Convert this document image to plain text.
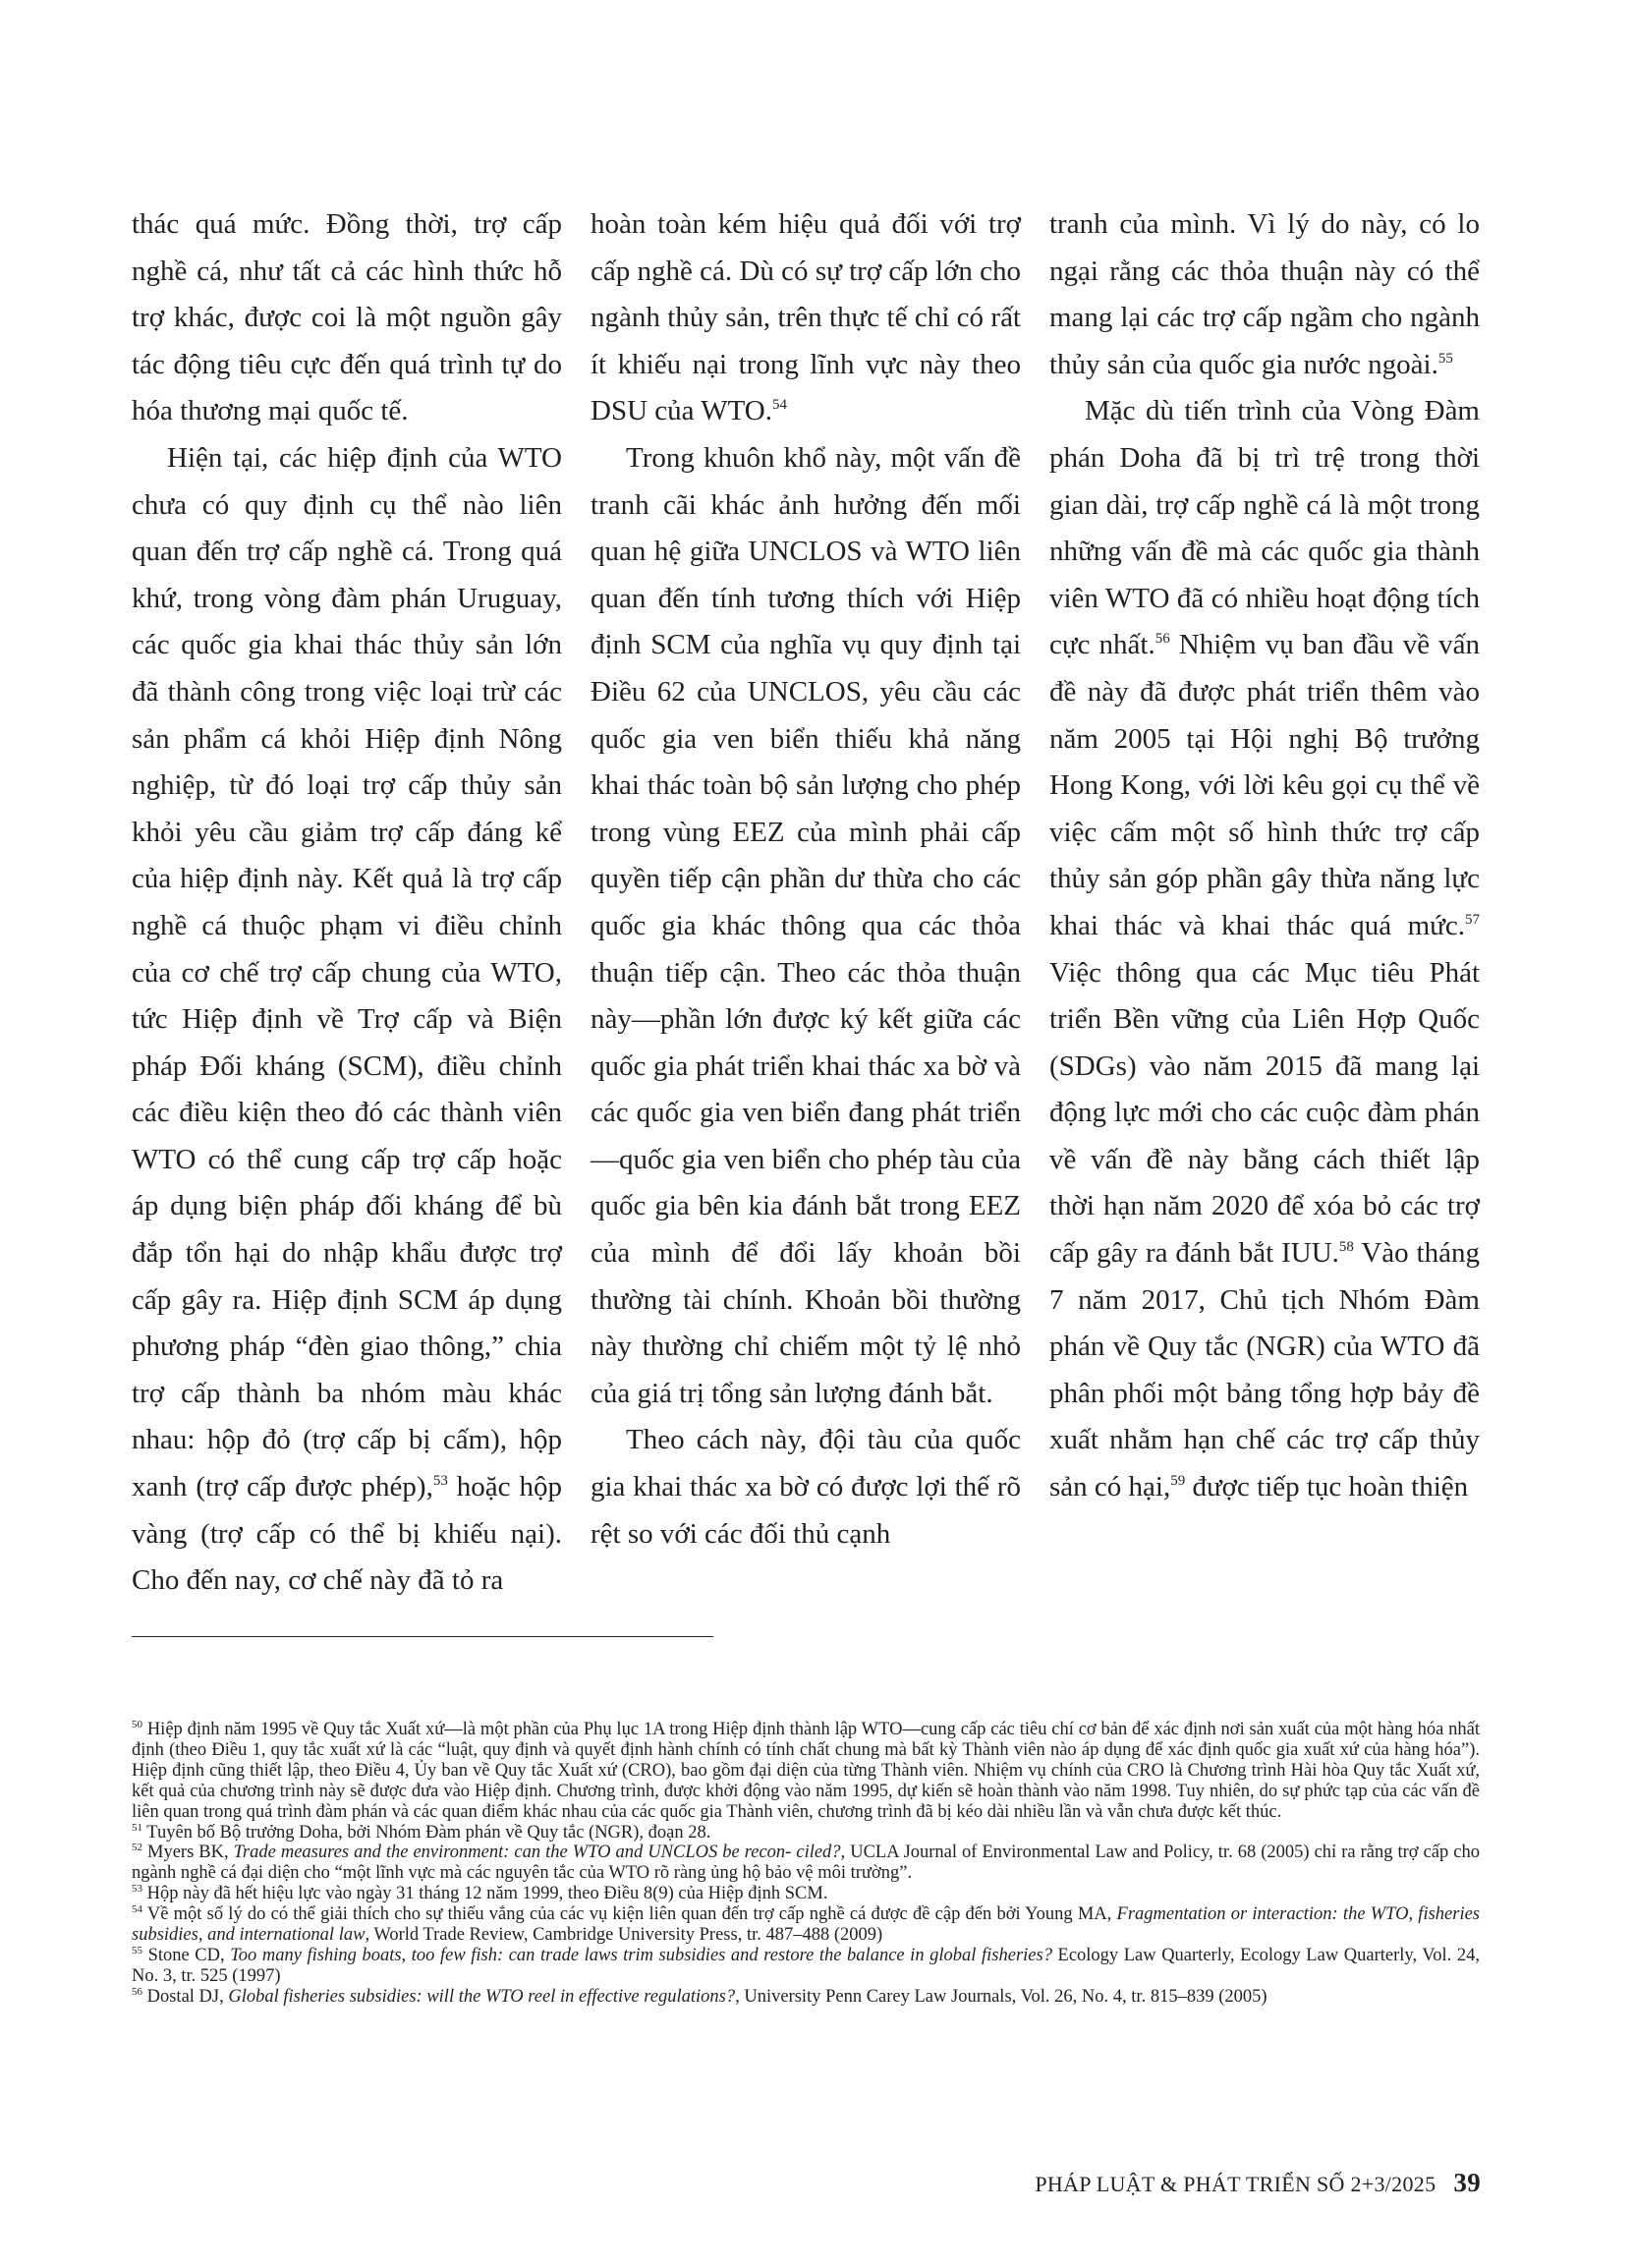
thác quá mức. Đồng thời, trợ cấp nghề cá, như tất cả các hình thức hỗ trợ khác, được coi là một nguồn gây tác động tiêu cực đến quá trình tự do hóa thương mại quốc tế.

Hiện tại, các hiệp định của WTO chưa có quy định cụ thể nào liên quan đến trợ cấp nghề cá. Trong quá khứ, trong vòng đàm phán Uruguay, các quốc gia khai thác thủy sản lớn đã thành công trong việc loại trừ các sản phẩm cá khỏi Hiệp định Nông nghiệp, từ đó loại trợ cấp thủy sản khỏi yêu cầu giảm trợ cấp đáng kể của hiệp định này. Kết quả là trợ cấp nghề cá thuộc phạm vi điều chỉnh của cơ chế trợ cấp chung của WTO, tức Hiệp định về Trợ cấp và Biện pháp Đối kháng (SCM), điều chỉnh các điều kiện theo đó các thành viên WTO có thể cung cấp trợ cấp hoặc áp dụng biện pháp đối kháng để bù đắp tổn hại do nhập khẩu được trợ cấp gây ra. Hiệp định SCM áp dụng phương pháp “đèn giao thông,” chia trợ cấp thành ba nhóm màu khác nhau: hộp đỏ (trợ cấp bị cấm), hộp xanh (trợ cấp được phép),$^{53}$ hoặc hộp vàng (trợ cấp có thể bị khiếu nại). Cho đến nay, cơ chế này đã tỏ ra

hoàn toàn kém hiệu quả đối với trợ cấp nghề cá. Dù có sự trợ cấp lớn cho ngành thủy sản, trên thực tế chỉ có rất ít khiếu nại trong lĩnh vực này theo DSU của WTO.$^{54}$

Trong khuôn khổ này, một vấn đề tranh cãi khác ảnh hưởng đến mối quan hệ giữa UNCLOS và WTO liên quan đến tính tương thích với Hiệp định SCM của nghĩa vụ quy định tại Điều 62 của UNCLOS, yêu cầu các quốc gia ven biển thiếu khả năng khai thác toàn bộ sản lượng cho phép trong vùng EEZ của mình phải cấp quyền tiếp cận phần dư thừa cho các quốc gia khác thông qua các thỏa thuận tiếp cận. Theo các thỏa thuận này—phần lớn được ký kết giữa các quốc gia phát triển khai thác xa bờ và các quốc gia ven biển đang phát triển—quốc gia ven biển cho phép tàu của quốc gia bên kia đánh bắt trong EEZ của mình để đổi lấy khoản bồi thường tài chính. Khoản bồi thường này thường chỉ chiếm một tỷ lệ nhỏ của giá trị tổng sản lượng đánh bắt.

Theo cách này, đội tàu của quốc gia khai thác xa bờ có được lợi thế rõ rệt so với các đối thủ cạnh

tranh của mình. Vì lý do này, có lo ngại rằng các thỏa thuận này có thể mang lại các trợ cấp ngầm cho ngành thủy sản của quốc gia nước ngoài.$^{55}$

Mặc dù tiến trình của Vòng Đàm phán Doha đã bị trì trệ trong thời gian dài, trợ cấp nghề cá là một trong những vấn đề mà các quốc gia thành viên WTO đã có nhiều hoạt động tích cực nhất.$^{56}$ Nhiệm vụ ban đầu về vấn đề này đã được phát triển thêm vào năm 2005 tại Hội nghị Bộ trưởng Hong Kong, với lời kêu gọi cụ thể về việc cấm một số hình thức trợ cấp thủy sản góp phần gây thừa năng lực khai thác và khai thác quá mức.$^{57}$ Việc thông qua các Mục tiêu Phát triển Bền vững của Liên Hợp Quốc (SDGs) vào năm 2015 đã mang lại động lực mới cho các cuộc đàm phán về vấn đề này bằng cách thiết lập thời hạn năm 2020 để xóa bỏ các trợ cấp gây ra đánh bắt IUU.$^{58}$ Vào tháng 7 năm 2017, Chủ tịch Nhóm Đàm phán về Quy tắc (NGR) của WTO đã phân phối một bảng tổng hợp bảy đề xuất nhằm hạn chế các trợ cấp thủy sản có hại,$^{59}$ được tiếp tục hoàn thiện

$^{50}$ Hiệp định năm 1995 về Quy tắc Xuất xứ—là một phần của Phụ lục 1A trong Hiệp định thành lập WTO—cung cấp các tiêu chí cơ bản để xác định nơi sản xuất của một hàng hóa nhất định (theo Điều 1, quy tắc xuất xứ là các “luật, quy định và quyết định hành chính có tính chất chung mà bất kỳ Thành viên nào áp dụng để xác định quốc gia xuất xứ của hàng hóa”). Hiệp định cũng thiết lập, theo Điều 4, Ủy ban về Quy tắc Xuất xứ (CRO), bao gồm đại diện của từng Thành viên. Nhiệm vụ chính của CRO là Chương trình Hài hòa Quy tắc Xuất xứ, kết quả của chương trình này sẽ được đưa vào Hiệp định. Chương trình, được khởi động vào năm 1995, dự kiến sẽ hoàn thành vào năm 1998. Tuy nhiên, do sự phức tạp của các vấn đề liên quan trong quá trình đàm phán và các quan điểm khác nhau của các quốc gia Thành viên, chương trình đã bị kéo dài nhiều lần và vẫn chưa được kết thúc.

$^{51}$ Tuyên bố Bộ trưởng Doha, bởi Nhóm Đàm phán về Quy tắc (NGR), đoạn 28.

$^{52}$ Myers BK, Trade measures and the environment: can the WTO and UNCLOS be recon- ciled?, UCLA Journal of Environmental Law and Policy, tr. 68 (2005) chỉ ra rằng trợ cấp cho ngành nghề cá đại diện cho “một lĩnh vực mà các nguyên tắc của WTO rõ ràng ủng hộ bảo vệ môi trường”.

$^{53}$ Hộp này đã hết hiệu lực vào ngày 31 tháng 12 năm 1999, theo Điều 8(9) của Hiệp định SCM.

$^{54}$ Về một số lý do có thể giải thích cho sự thiếu vắng của các vụ kiện liên quan đến trợ cấp nghề cá được đề cập đến bởi Young MA, Fragmentation or interaction: the WTO, fisheries subsidies, and international law, World Trade Review, Cambridge University Press, tr. 487–488 (2009)

$^{55}$ Stone CD, Too many fishing boats, too few fish: can trade laws trim subsidies and restore the balance in global fisheries? Ecology Law Quarterly, Ecology Law Quarterly, Vol. 24, No. 3, tr. 525 (1997)

$^{56}$ Dostal DJ, Global fisheries subsidies: will the WTO reel in effective regulations?, University Penn Carey Law Journals, Vol. 26, No. 4, tr. 815–839 (2005)

PHÁP LUẬT & PHÁT TRIỂN SỐ 2+3/2025 39
